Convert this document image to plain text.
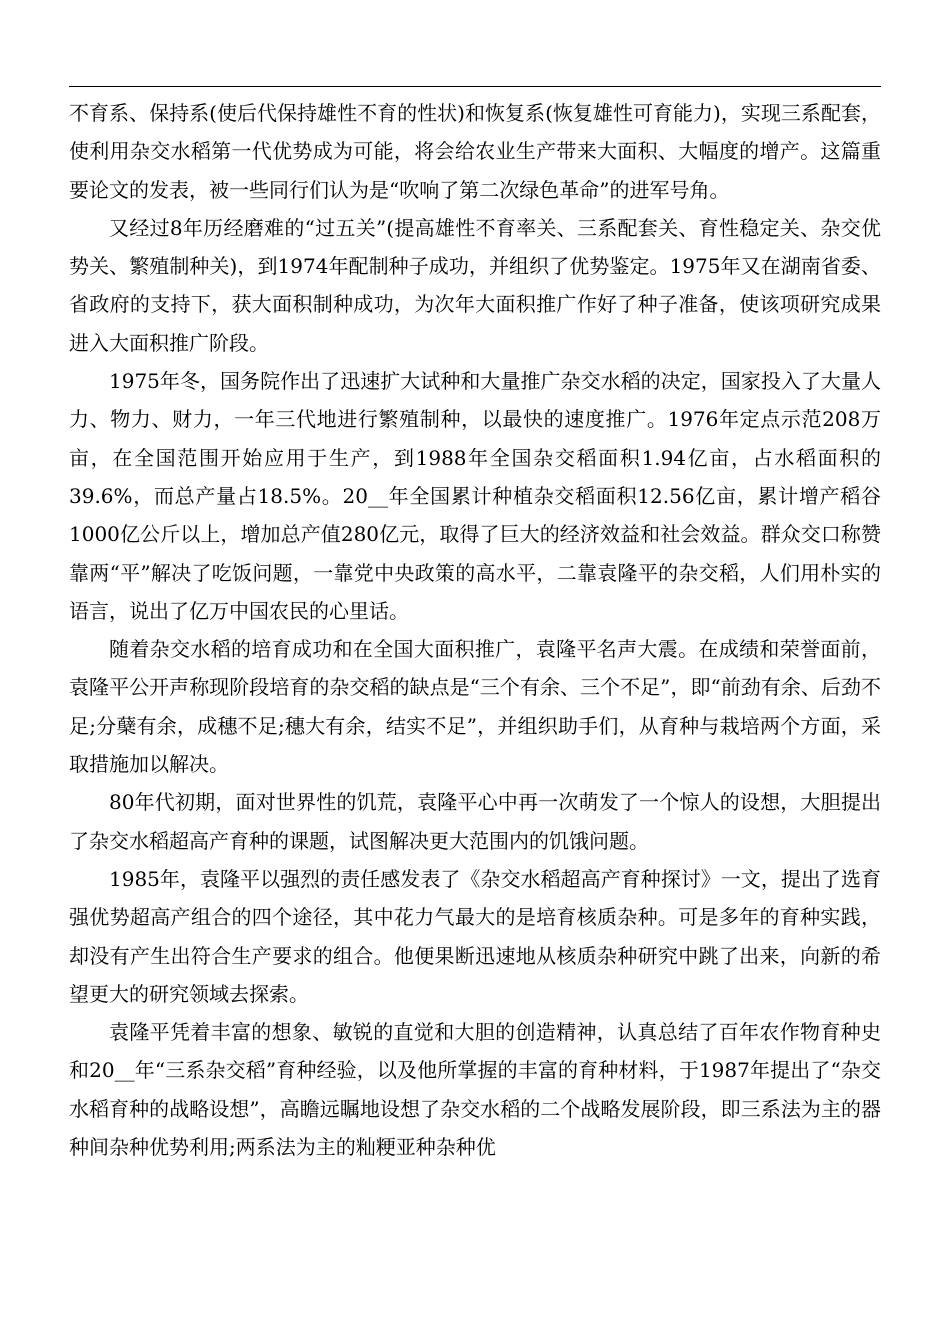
不育系、保持系(使后代保持雄性不育的性状)和恢复系(恢复雄性可育能力)，实现三系配套，使利用杂交水稻第一代优势成为可能，将会给农业生产带来大面积、大幅度的增产。这篇重要论文的发表，被一些同行们认为是“吹响了第二次绿色革命”的进军号角。

又经过8年历经磨难的“过五关”(提高雄性不育率关、三系配套关、育性稳定关、杂交优势关、繁殖制种关)，到1974年配制种子成功，并组织了优势鉴定。1975年又在湖南省委、省政府的支持下，获大面积制种成功，为次年大面积推广作好了种子准备，使该项研究成果进入大面积推广阶段。

1975年冬，国务院作出了迅速扩大试种和大量推广杂交水稻的决定，国家投入了大量人力、物力、财力，一年三代地进行繁殖制种，以最快的速度推广。1976年定点示范208万亩，在全国范围开始应用于生产，到1988年全国杂交稻面积1.94亿亩，占水稻面积的39.6%，而总产量占18.5%。20__年全国累计种植杂交稻面积12.56亿亩，累计增产稻谷1000亿公斤以上，增加总产值280亿元，取得了巨大的经济效益和社会效益。群众交口称赞靠两“平”解决了吃饭问题，一靠党中央政策的高水平，二靠袁隆平的杂交稻，人们用朴实的语言，说出了亿万中国农民的心里话。

随着杂交水稻的培育成功和在全国大面积推广，袁隆平名声大震。在成绩和荣誉面前，袁隆平公开声称现阶段培育的杂交稻的缺点是“三个有余、三个不足”，即“前劲有余、后劲不足;分蘖有余，成穗不足;穗大有余，结实不足”，并组织助手们，从育种与栽培两个方面，采取措施加以解决。

80年代初期，面对世界性的饥荒，袁隆平心中再一次萌发了一个惊人的设想，大胆提出了杂交水稻超高产育种的课题，试图解决更大范围内的饥饿问题。

1985年，袁隆平以强烈的责任感发表了《杂交水稻超高产育种探讨》一文，提出了选育强优势超高产组合的四个途径，其中花力气最大的是培育核质杂种。可是多年的育种实践，却没有产生出符合生产要求的组合。他便果断迅速地从核质杂种研究中跳了出来，向新的希望更大的研究领域去探索。

袁隆平凭着丰富的想象、敏锐的直觉和大胆的创造精神，认真总结了百年农作物育种史和20__年“三系杂交稻”育种经验，以及他所掌握的丰富的育种材料，于1987年提出了“杂交水稻育种的战略设想”，高瞻远瞩地设想了杂交水稻的二个战略发展阶段，即三系法为主的器种间杂种优势利用;两系法为主的籼粳亚种杂种优
